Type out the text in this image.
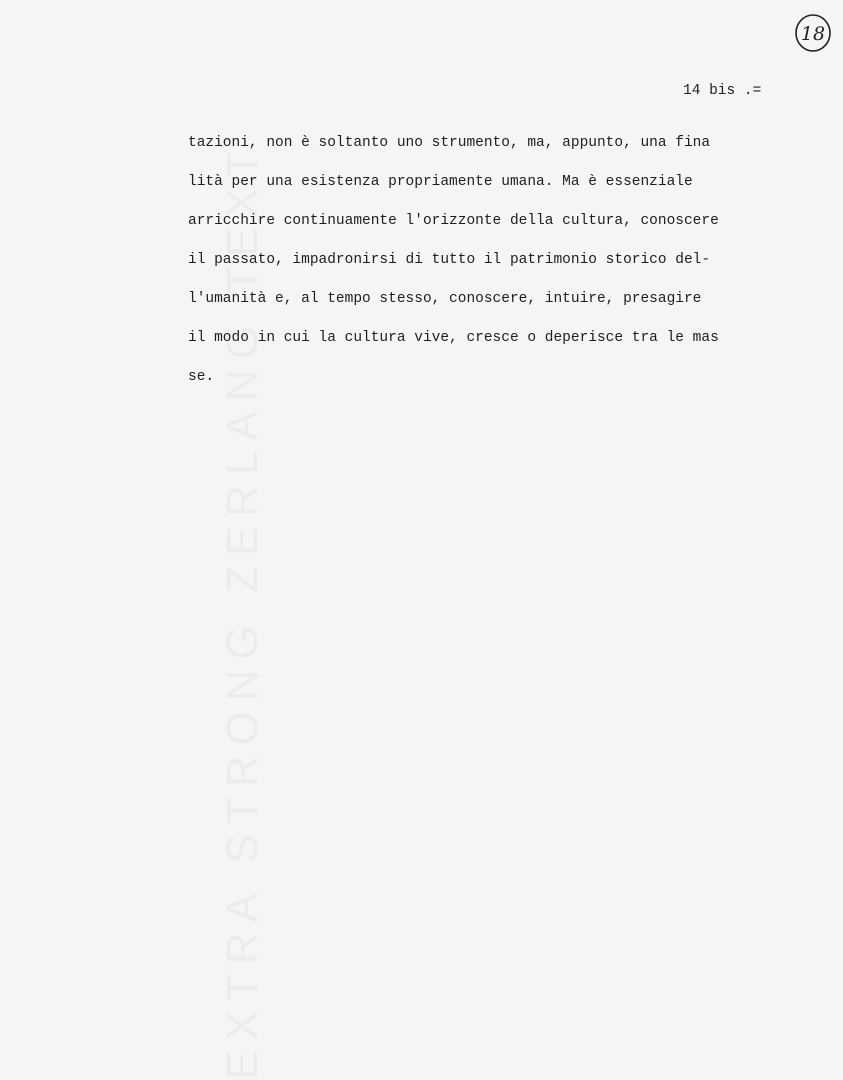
18
14 bis .=
tazioni, non è soltanto uno strumento, ma, appunto, una fina
lità per una esistenza propriamente umana. Ma è essenziale
arricchire continuamente l'orizzonte della cultura, conoscere
il passato, impadronirsi di tutto il patrimonio storico del-
l'umanità e, al tempo stesso, conoscere, intuire, presagire
il modo in cui la cultura vive, cresce o deperisce tra le mas
se.
